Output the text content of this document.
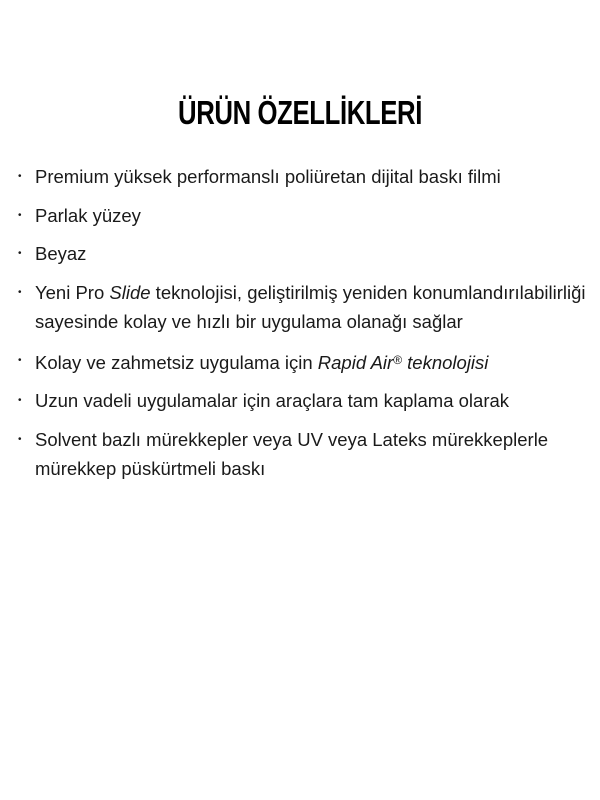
ÜRÜN ÖZELLİKLERİ
• Premium yüksek performanslı poliüretan dijital baskı filmi
• Parlak yüzey
• Beyaz
• Yeni Pro Slide teknolojisi, geliştirilmiş yeniden konumlandırılabilirliği sayesinde kolay ve hızlı bir uygulama olanağı sağlar
• Kolay ve zahmetsiz uygulama için Rapid Air® teknolojisi
• Uzun vadeli uygulamalar için araçlara tam kaplama olarak
• Solvent bazlı mürekkepler veya UV veya Lateks mürekkeplerle mürekkep püskürtmeli baskı
